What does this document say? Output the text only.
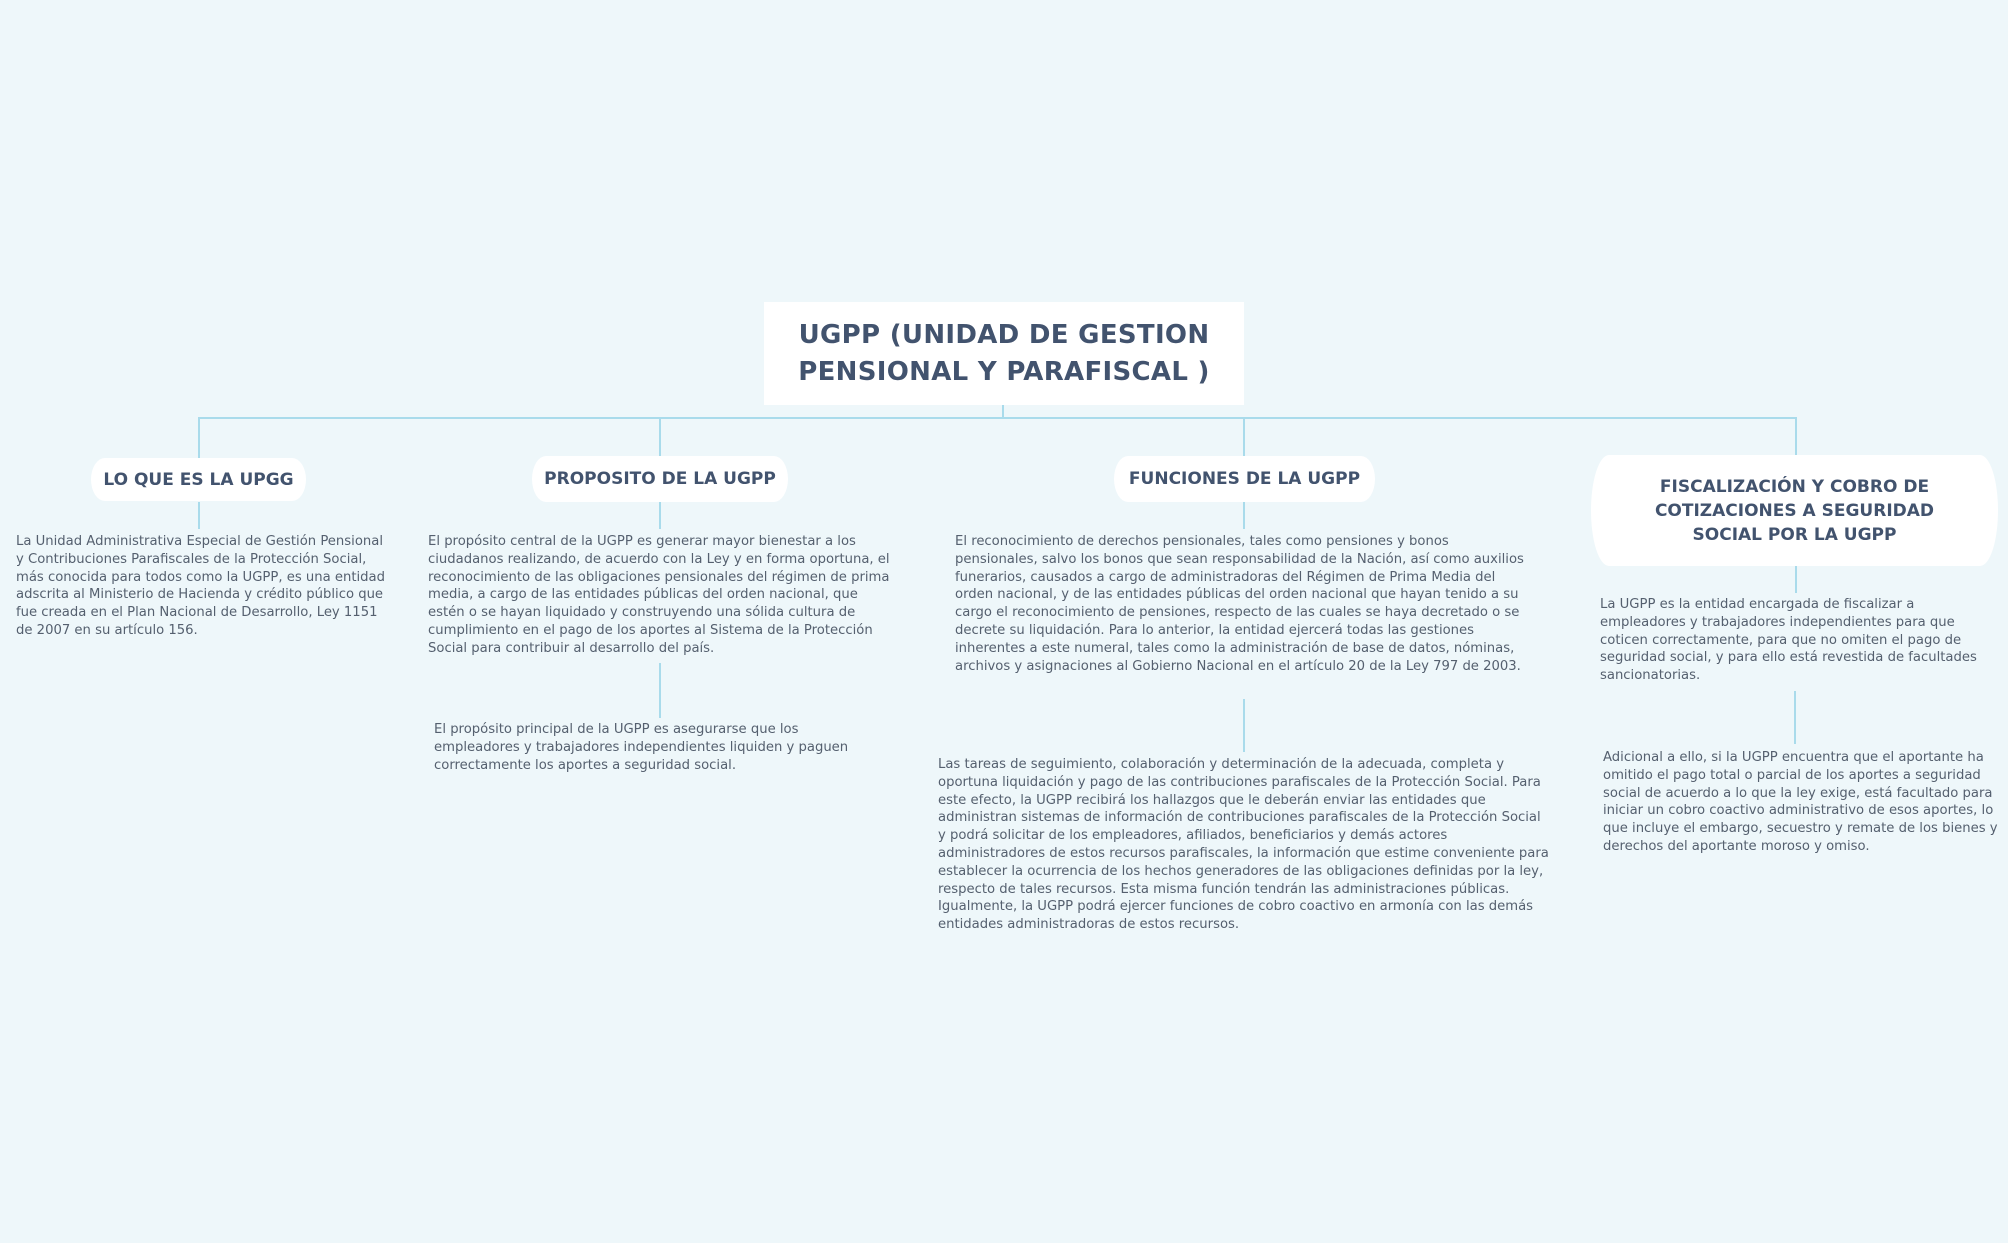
UGPP (UNIDAD DE GESTION PENSIONAL Y PARAFISCAL )
LO QUE ES LA UPGG
La Unidad Administrativa Especial de Gestión Pensional y Contribuciones Parafiscales de la Protección Social, más conocida para todos como la UGPP, es una entidad adscrita al Ministerio de Hacienda y crédito público que fue creada en el Plan Nacional de Desarrollo, Ley 1151 de 2007 en su artículo 156.
PROPOSITO DE LA UGPP
El propósito central de la UGPP es generar mayor bienestar a los ciudadanos realizando, de acuerdo con la Ley y en forma oportuna, el reconocimiento de las obligaciones pensionales del régimen de prima media, a cargo de las entidades públicas del orden nacional, que estén o se hayan liquidado y construyendo una sólida cultura de cumplimiento en el pago de los aportes al Sistema de la Protección Social para contribuir al desarrollo del país.
El propósito principal de la UGPP es asegurarse que los empleadores y trabajadores independientes liquiden y paguen correctamente los aportes a seguridad social.
FUNCIONES DE LA UGPP
El reconocimiento de derechos pensionales, tales como pensiones y bonos pensionales, salvo los bonos que sean responsabilidad de la Nación, así como auxilios funerarios, causados a cargo de administradoras del Régimen de Prima Media del orden nacional, y de las entidades públicas del orden nacional que hayan tenido a su cargo el reconocimiento de pensiones, respecto de las cuales se haya decretado o se decrete su liquidación. Para lo anterior, la entidad ejercerá todas las gestiones inherentes a este numeral, tales como la administración de base de datos, nóminas, archivos y asignaciones al Gobierno Nacional en el artículo 20 de la Ley 797 de 2003.
Las tareas de seguimiento, colaboración y determinación de la adecuada, completa y oportuna liquidación y pago de las contribuciones parafiscales de la Protección Social. Para este efecto, la UGPP recibirá los hallazgos que le deberán enviar las entidades que administran sistemas de información de contribuciones parafiscales de la Protección Social y podrá solicitar de los empleadores, afiliados, beneficiarios y demás actores administradores de estos recursos parafiscales, la información que estime conveniente para establecer la ocurrencia de los hechos generadores de las obligaciones definidas por la ley, respecto de tales recursos. Esta misma función tendrán las administraciones públicas. Igualmente, la UGPP podrá ejercer funciones de cobro coactivo en armonía con las demás entidades administradoras de estos recursos.
FISCALIZACIÓN Y COBRO DE COTIZACIONES A SEGURIDAD SOCIAL POR LA UGPP
La UGPP es la entidad encargada de fiscalizar a empleadores y trabajadores independientes para que coticen correctamente, para que no omiten el pago de seguridad social, y para ello está revestida de facultades sancionatorias.
Adicional a ello, si la UGPP encuentra que el aportante ha omitido el pago total o parcial de los aportes a seguridad social de acuerdo a lo que la ley exige, está facultado para iniciar un cobro coactivo administrativo de esos aportes, lo que incluye el embargo, secuestro y remate de los bienes y derechos del aportante moroso y omiso.
